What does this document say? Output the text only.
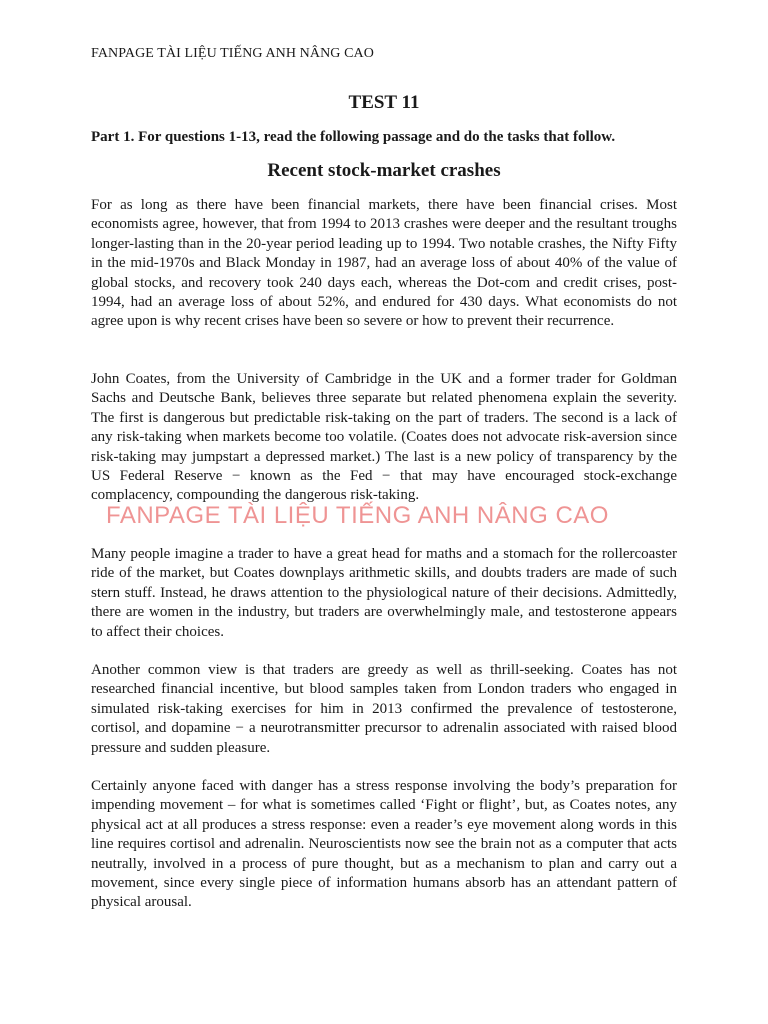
FANPAGE TÀI LIỆU TIẾNG ANH NÂNG CAO
TEST 11
Part 1. For questions 1-13, read the following passage and do the tasks that follow.
Recent stock-market crashes

For as long as there have been financial markets, there have been financial crises. Most economists agree, however, that from 1994 to 2013 crashes were deeper and the resultant troughs longer-lasting than in the 20-year period leading up to 1994. Two notable crashes, the Nifty Fifty in the mid-1970s and Black Monday in 1987, had an average loss of about 40% of the value of global stocks, and recovery took 240 days each, whereas the Dot-com and credit crises, post-1994, had an average loss of about 52%, and endured for 430 days. What economists do not agree upon is why recent crises have been so severe or how to prevent their recurrence.

John Coates, from the University of Cambridge in the UK and a former trader for Goldman Sachs and Deutsche Bank, believes three separate but related phenomena explain the severity. The first is dangerous but predictable risk-taking on the part of traders. The second is a lack of any risk-taking when markets become too volatile. (Coates does not advocate risk-aversion since risk-taking may jumpstart a depressed market.) The last is a new policy of transparency by the US Federal Reserve − known as the Fed − that may have encouraged stock-exchange complacency, compounding the dangerous risk-taking.

Many people imagine a trader to have a great head for maths and a stomach for the rollercoaster ride of the market, but Coates downplays arithmetic skills, and doubts traders are made of such stern stuff. Instead, he draws attention to the physiological nature of their decisions. Admittedly, there are women in the industry, but traders are overwhelmingly male, and testosterone appears to affect their choices.

Another common view is that traders are greedy as well as thrill-seeking. Coates has not researched financial incentive, but blood samples taken from London traders who engaged in simulated risk-taking exercises for him in 2013 confirmed the prevalence of testosterone, cortisol, and dopamine − a neurotransmitter precursor to adrenalin associated with raised blood pressure and sudden pleasure.

Certainly anyone faced with danger has a stress response involving the body’s preparation for impending movement – for what is sometimes called ‘Fight or flight’, but, as Coates notes, any physical act at all produces a stress response: even a reader’s eye movement along words in this line requires cortisol and adrenalin. Neuroscientists now see the brain not as a computer that acts neutrally, involved in a process of pure thought, but as a mechanism to plan and carry out a movement, since every single piece of information humans absorb has an attendant pattern of physical arousal.

FANPAGE TÀI LIỆU TIẾNG ANH NÂNG CAO
